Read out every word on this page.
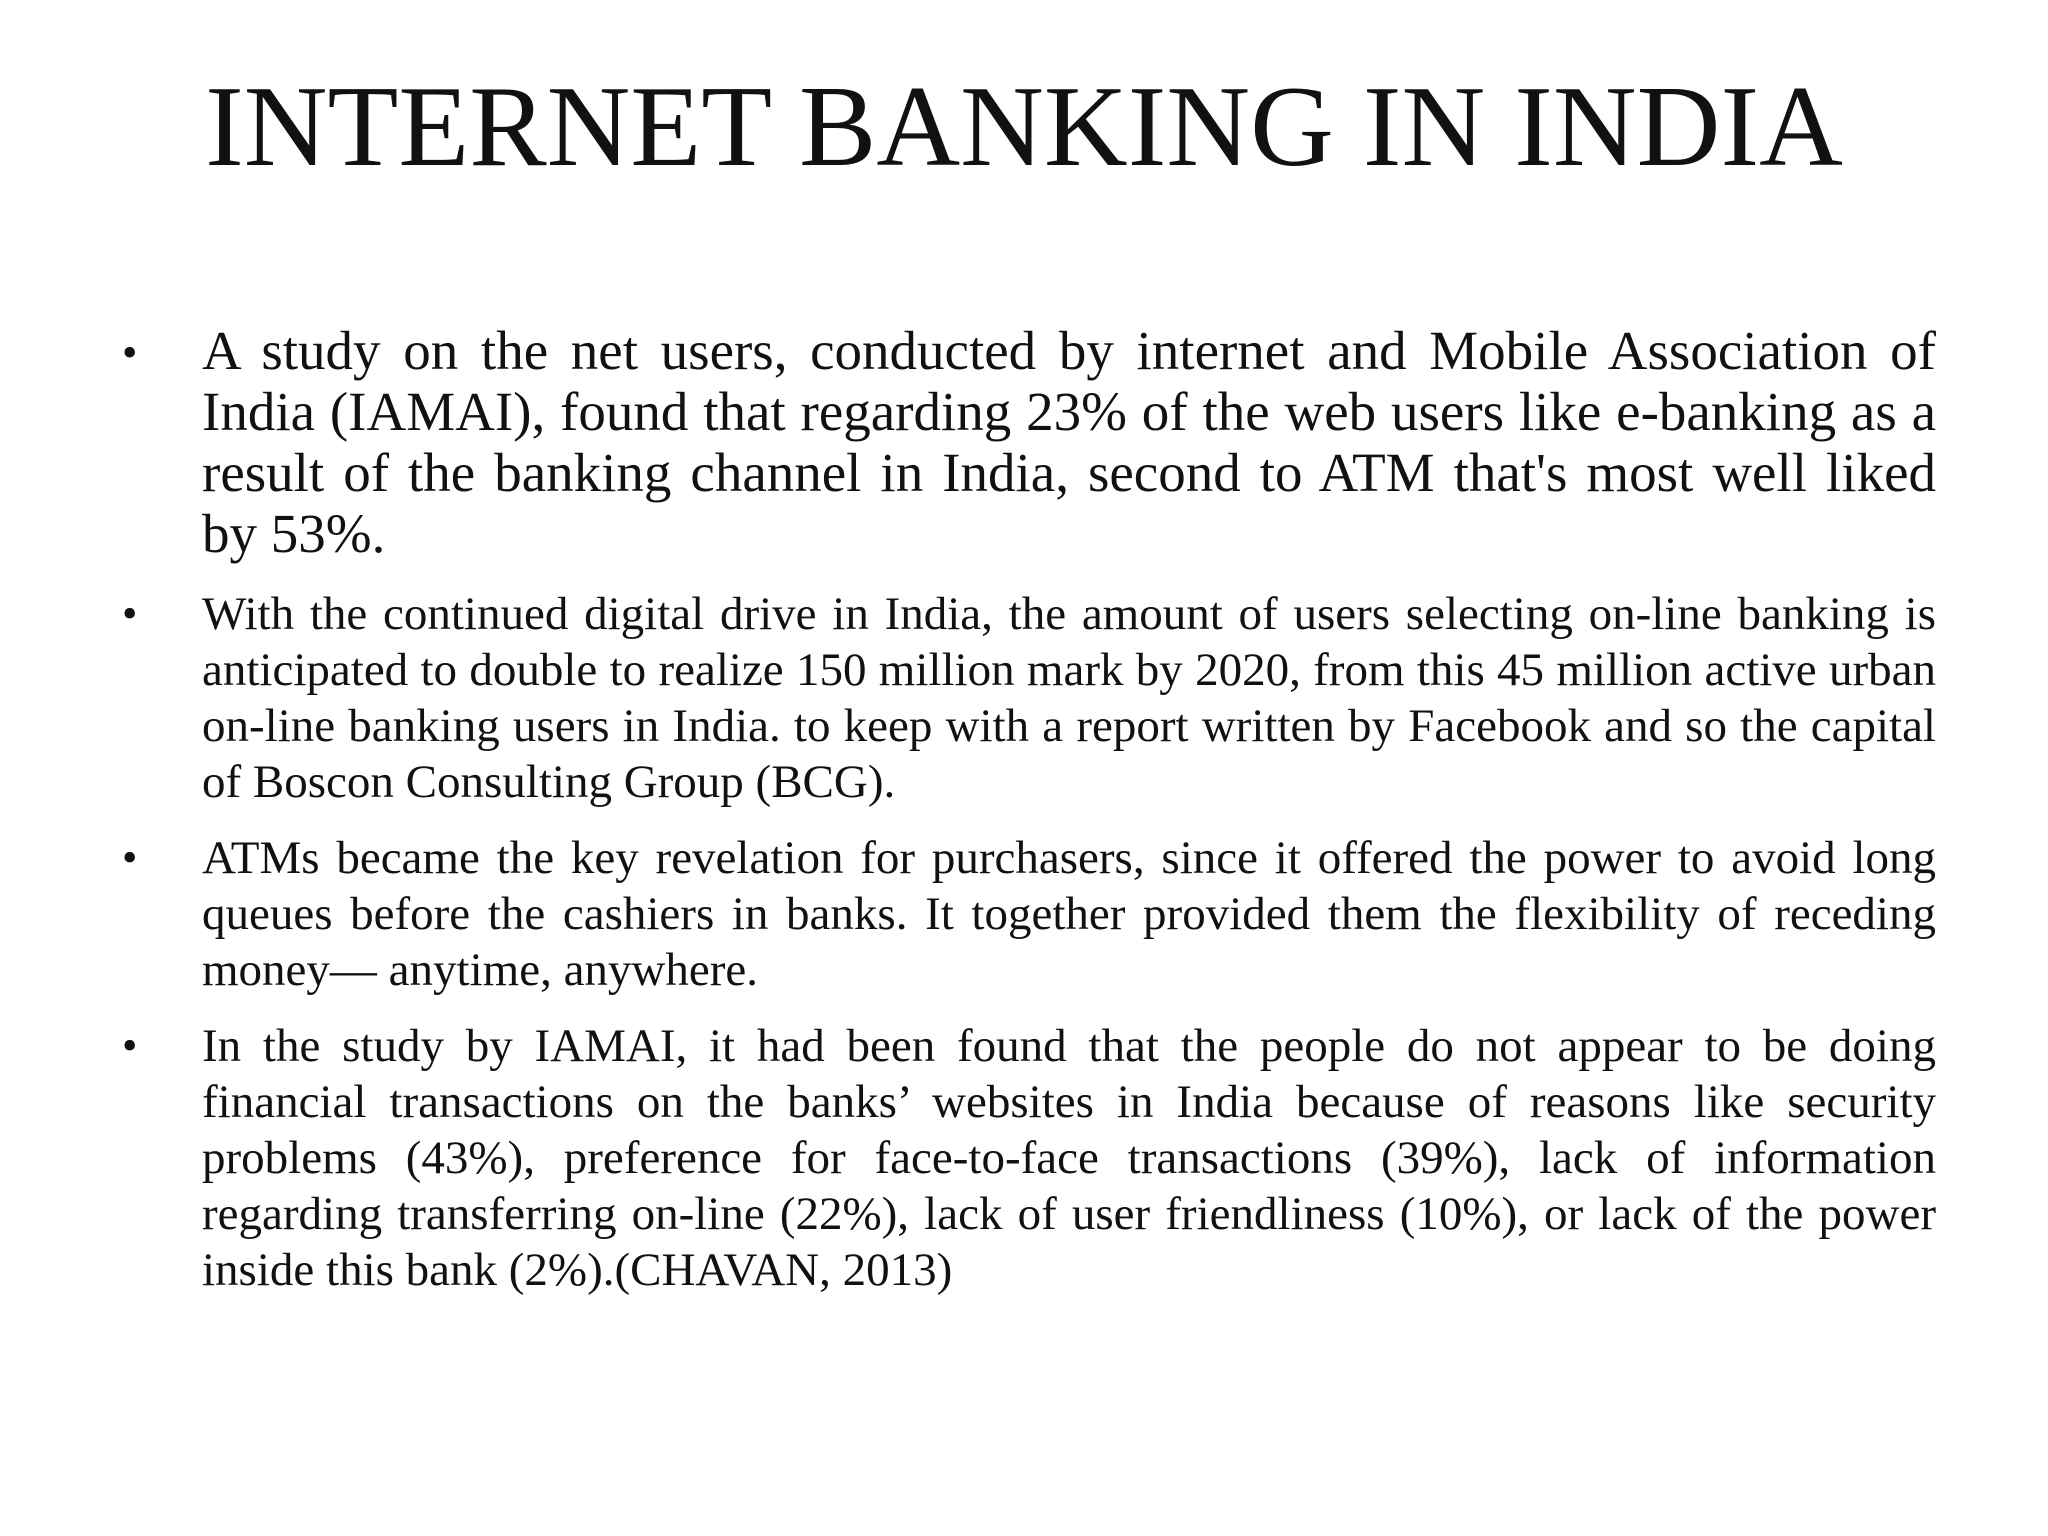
INTERNET BANKING IN INDIA
• A study on the net users, conducted by internet and Mobile Association of India (IAMAI), found that regarding 23% of the web users like e-banking as a result of the banking channel in India, second to ATM that's most well liked by 53%.
• With the continued digital drive in India, the amount of users selecting on-line banking is anticipated to double to realize 150 million mark by 2020, from this 45 million active urban on-line banking users in India. to keep with a report written by Facebook and so the capital of Boscon Consulting Group (BCG).
• ATMs became the key revelation for purchasers, since it offered the power to avoid long queues before the cashiers in banks. It together provided them the flexibility of receding money— anytime, anywhere.
• In the study by IAMAI, it had been found that the people do not appear to be doing financial transactions on the banks’ websites in India because of reasons like security problems (43%), preference for face-to-face transactions (39%), lack of information regarding transferring on-line (22%), lack of user friendliness (10%), or lack of the power inside this bank (2%).(CHAVAN, 2013)
